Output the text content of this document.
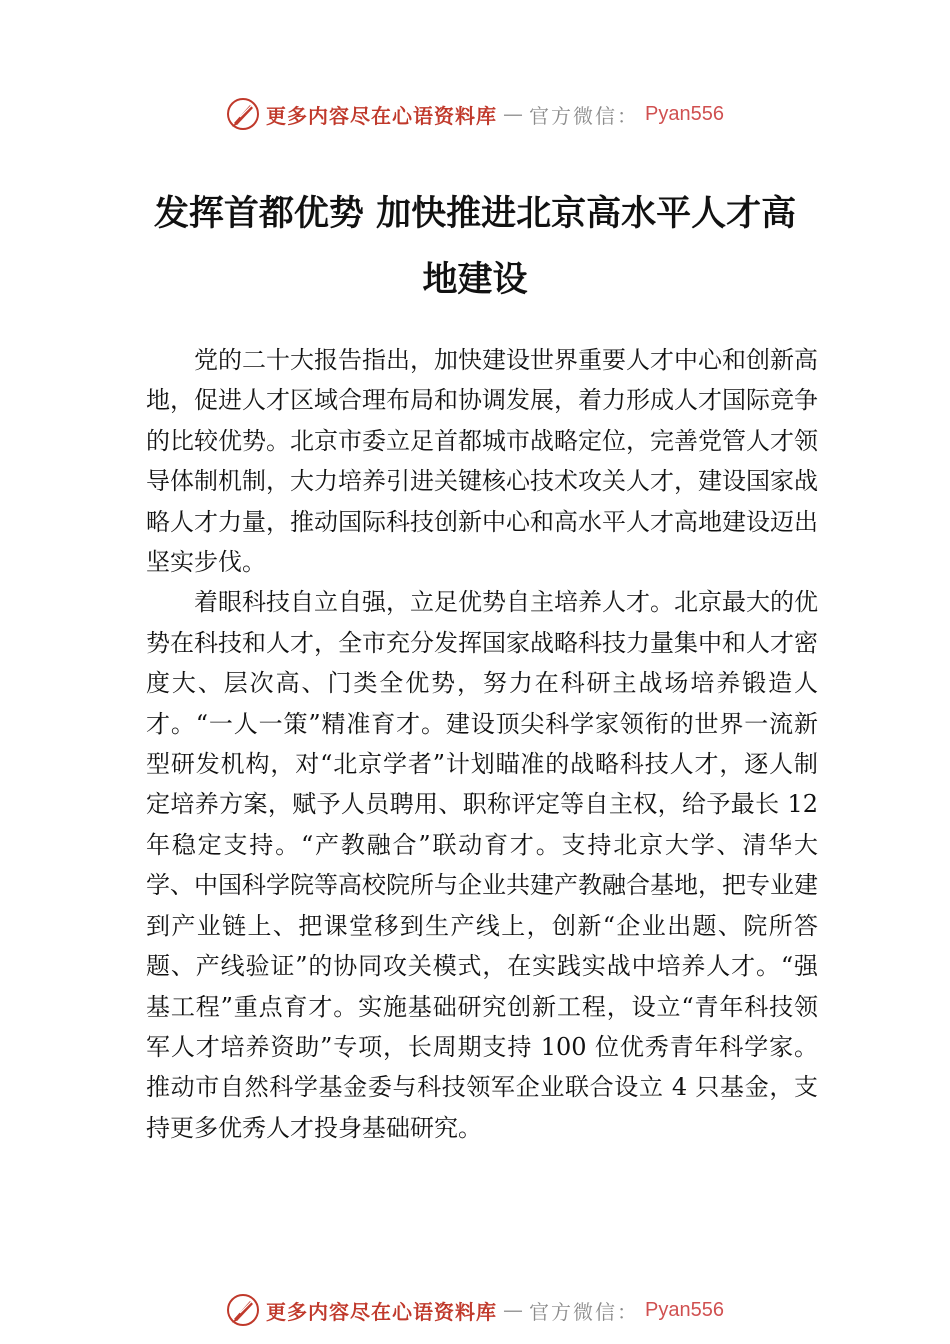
更多内容尽在心语资料库 — 官方微信： Pyan556
发挥首都优势 加快推进北京高水平人才高
地建设

党的二十大报告指出，加快建设世界重要人才中心和创新高地，促进人才区域合理布局和协调发展，着力形成人才国际竞争的比较优势。北京市委立足首都城市战略定位，完善党管人才领导体制机制，大力培养引进关键核心技术攻关人才，建设国家战略人才力量，推动国际科技创新中心和高水平人才高地建设迈出坚实步伐。

着眼科技自立自强，立足优势自主培养人才。北京最大的优势在科技和人才，全市充分发挥国家战略科技力量集中和人才密度大、层次高、门类全优势，努力在科研主战场培养锻造人才。“一人一策”精准育才。建设顶尖科学家领衔的世界一流新型研发机构，对“北京学者”计划瞄准的战略科技人才，逐人制定培养方案，赋予人员聘用、职称评定等自主权，给予最长 12 年稳定支持。“产教融合”联动育才。支持北京大学、清华大学、中国科学院等高校院所与企业共建产教融合基地，把专业建到产业链上、把课堂移到生产线上，创新“企业出题、院所答题、产线验证”的协同攻关模式，在实践实战中培养人才。“强基工程”重点育才。实施基础研究创新工程，设立“青年科技领军人才培养资助”专项，长周期支持 100 位优秀青年科学家。推动市自然科学基金委与科技领军企业联合设立 4 只基金，支持更多优秀人才投身基础研究。

更多内容尽在心语资料库 — 官方微信： Pyan556
